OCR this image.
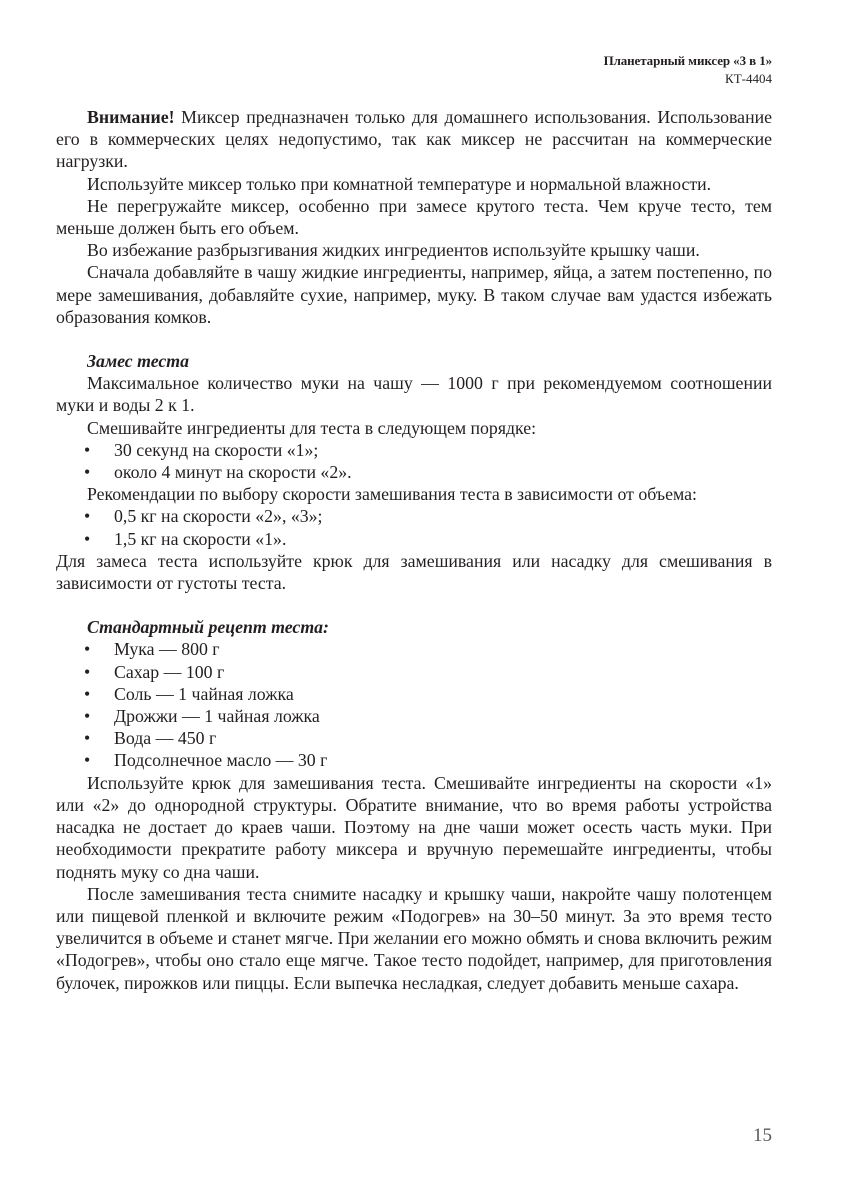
Планетарный миксер «3 в 1»
КТ-4404

Внимание! Миксер предназначен только для домашнего использования. Использование его в коммерческих целях недопустимо, так как миксер не рассчитан на коммерческие нагрузки.

Используйте миксер только при комнатной температуре и нормальной влажности.

Не перегружайте миксер, особенно при замесе крутого теста. Чем круче тесто, тем меньше должен быть его объем.

Во избежание разбрызгивания жидких ингредиентов используйте крышку чаши.

Сначала добавляйте в чашу жидкие ингредиенты, например, яйца, а затем постепенно, по мере замешивания, добавляйте сухие, например, муку. В таком случае вам удастся избежать образования комков.

Замес теста

Максимальное количество муки на чашу — 1000 г при рекомендуемом соотношении муки и воды 2 к 1.

Смешивайте ингредиенты для теста в следующем порядке:

• 30 секунд на скорости «1»;
• около 4 минут на скорости «2».

Рекомендации по выбору скорости замешивания теста в зависимости от объема:

• 0,5 кг на скорости «2», «3»;
• 1,5 кг на скорости «1».

Для замеса теста используйте крюк для замешивания или насадку для смешивания в зависимости от густоты теста.

Стандартный рецепт теста:

• Мука — 800 г
• Сахар — 100 г
• Соль — 1 чайная ложка
• Дрожжи — 1 чайная ложка
• Вода — 450 г
• Подсолнечное масло — 30 г

Используйте крюк для замешивания теста. Смешивайте ингредиенты на скорости «1» или «2» до однородной структуры. Обратите внимание, что во время работы устройства насадка не достает до краев чаши. Поэтому на дне чаши может осесть часть муки. При необходимости прекратите работу миксера и вручную перемешайте ингредиенты, чтобы поднять муку со дна чаши.

После замешивания теста снимите насадку и крышку чаши, накройте чашу полотенцем или пищевой пленкой и включите режим «Подогрев» на 30–50 минут. За это время тесто увеличится в объеме и станет мягче. При желании его можно обмять и снова включить режим «Подогрев», чтобы оно стало еще мягче. Такое тесто подойдет, например, для приготовления булочек, пирожков или пиццы. Если выпечка несладкая, следует добавить меньше сахара.

15
